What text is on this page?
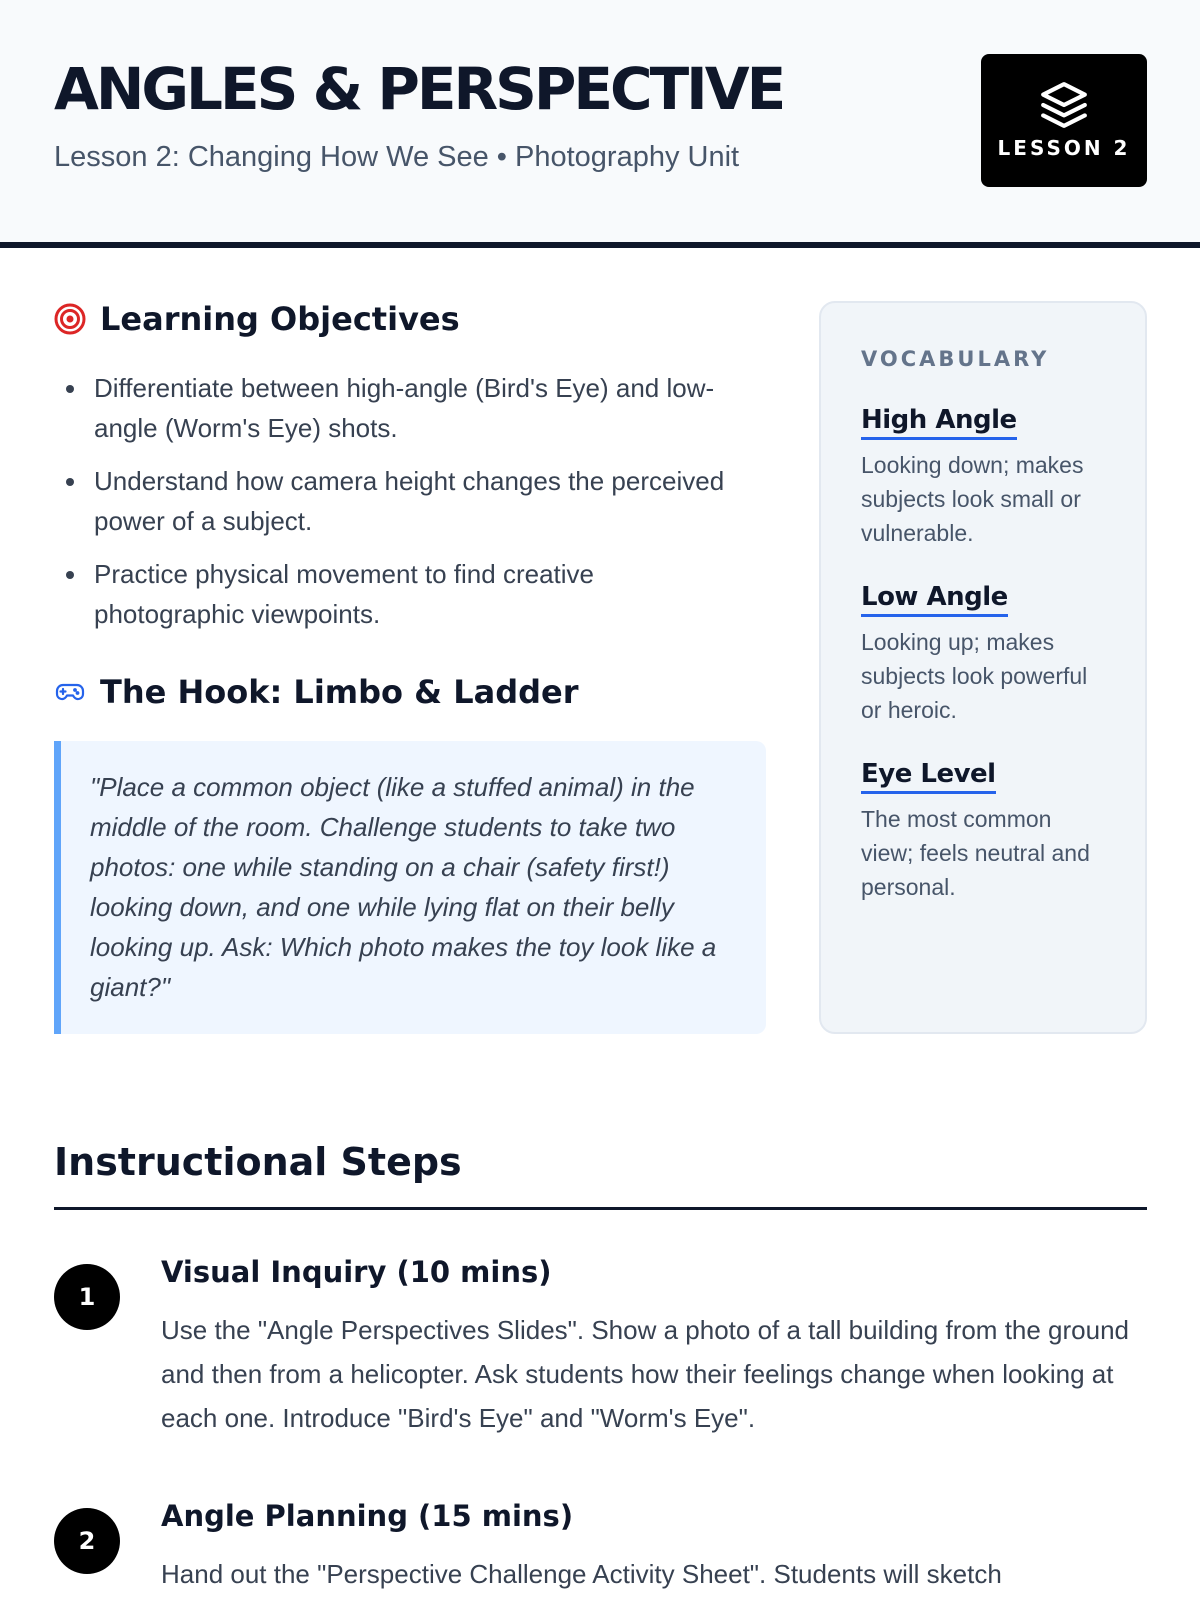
ANGLES & PERSPECTIVE
Lesson 2: Changing How We See • Photography Unit	LESSON 2
Learning Objectives
Differentiate between high-angle (Bird's Eye) and low-angle (Worm's Eye) shots.
Understand how camera height changes the perceived power of a subject.
Practice physical movement to find creative photographic viewpoints.
The Hook: Limbo & Ladder

"Place a common object (like a stuffed animal) in the middle of the room. Challenge students to take two photos: one while standing on a chair (safety first!) looking down, and one while lying flat on their belly looking up. Ask: Which photo makes the toy look like a giant?"

VOCABULARY
High Angle
Looking down; makes subjects look small or vulnerable.
Low Angle
Looking up; makes subjects look powerful or heroic.
Eye Level
The most common view; feels neutral and personal.
Instructional Steps
1
Visual Inquiry (10 mins)
Use the "Angle Perspectives Slides". Show a photo of a tall building from the ground and then from a helicopter. Ask students how their feelings change when looking at each one. Introduce "Bird's Eye" and "Worm's Eye".
2
Angle Planning (15 mins)
Hand out the "Perspective Challenge Activity Sheet". Students will sketch
